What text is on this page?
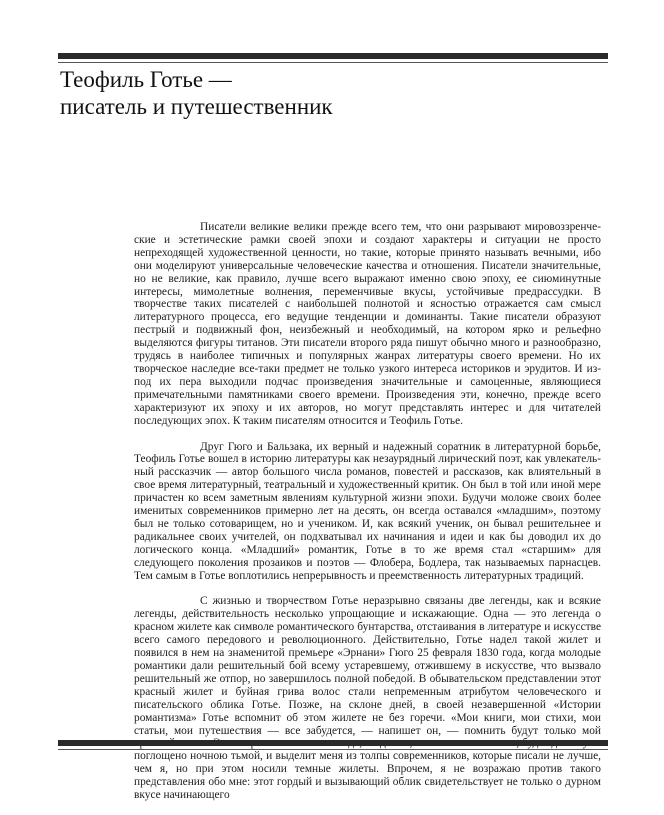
Теофиль Готье —
писатель и путешественник

Писатели великие велики прежде всего тем, что они разрывают мировоззренче-ские и эстетические рамки своей эпохи и создают характеры и ситуации не просто непреходящей художественной ценности, но такие, которые принято называть вечными, ибо они моделируют универсальные человеческие качества и отношения. Писатели значительные, но не великие, как правило, лучше всего выражают именно свою эпоху, ее сиюминутные интересы, мимолетные волнения, переменчивые вкусы, устойчивые предрассудки. В творчестве таких писателей с наибольшей полнотой и ясностью отражается сам смысл литературного процесса, его ведущие тенденции и доминанты. Такие писатели образуют пестрый и подвижный фон, неизбежный и необходимый, на котором ярко и рельефно выделяются фигуры титанов. Эти писатели второго ряда пишут обычно много и разнообразно, трудясь в наиболее типичных и популярных жанрах литературы своего времени. Но их творческое наследие все-таки предмет не только узкого интереса историков и эрудитов. И из-под их пера выходили подчас произведения значительные и самоценные, являющиеся примечательными памятниками своего времени. Произведения эти, конечно, прежде всего характеризуют их эпоху и их авторов, но могут представлять интерес и для читателей последующих эпох. К таким писателям относится и Теофиль Готье.

Друг Гюго и Бальзака, их верный и надежный соратник в литературной борьбе, Теофиль Готье вошел в историю литературы как незаурядный лирический поэт, как увлекатель-ный рассказчик — автор большого числа романов, повестей и рассказов, как влиятельный в свое время литературный, театральный и художественный критик. Он был в той или иной мере причастен ко всем заметным явлениям культурной жизни эпохи. Будучи моложе своих более именитых современников примерно лет на десять, он всегда оставался «младшим», поэтому был не только сотоварищем, но и учеником. И, как всякий ученик, он бывал решительнее и радикальнее своих учителей, он подхватывал их начинания и идеи и как бы доводил их до логического конца. «Младший» романтик, Готье в то же время стал «старшим» для следующего поколения прозаиков и поэтов — Флобера, Бодлера, так называемых парнасцев. Тем самым в Готье воплотились непрерывность и преемственность литературных традиций.

С жизнью и творчеством Готье неразрывно связаны две легенды, как и всякие легенды, действительность несколько упрощающие и искажающие. Одна — это легенда о красном жилете как символе романтического бунтарства, отстаивания в литературе и искусстве всего самого передового и революционного. Действительно, Готье надел такой жилет и появился в нем на знаменитой премьере «Эрнани» Гюго 25 февраля 1830 года, когда молодые романтики дали решительный бой всему устаревшему, отжившему в искусстве, что вызвало решительный же отпор, но завершилось полной победой. В обывательском представлении этот красный жилет и буйная грива волос стали непременным атрибутом человеческого и писательского облика Готье. Позже, на склоне дней, в своей незавершенной «Истории романтизма» Готье вспомнит об этом жилете не без горечи. «Мои книги, мои стихи, мои статьи, мои путешествия — все забудется, — напишет он, — помнить будут только мой поглощено ночною тьмой, и выделит меня из толпы современников, которые писали не лучше, чем я, но при этом носили темные жилеты. Впрочем, я не возражаю против такого представления обо мне: этот гордый и вызывающий облик свидетельствует не только о дурном вкусе начинающего
